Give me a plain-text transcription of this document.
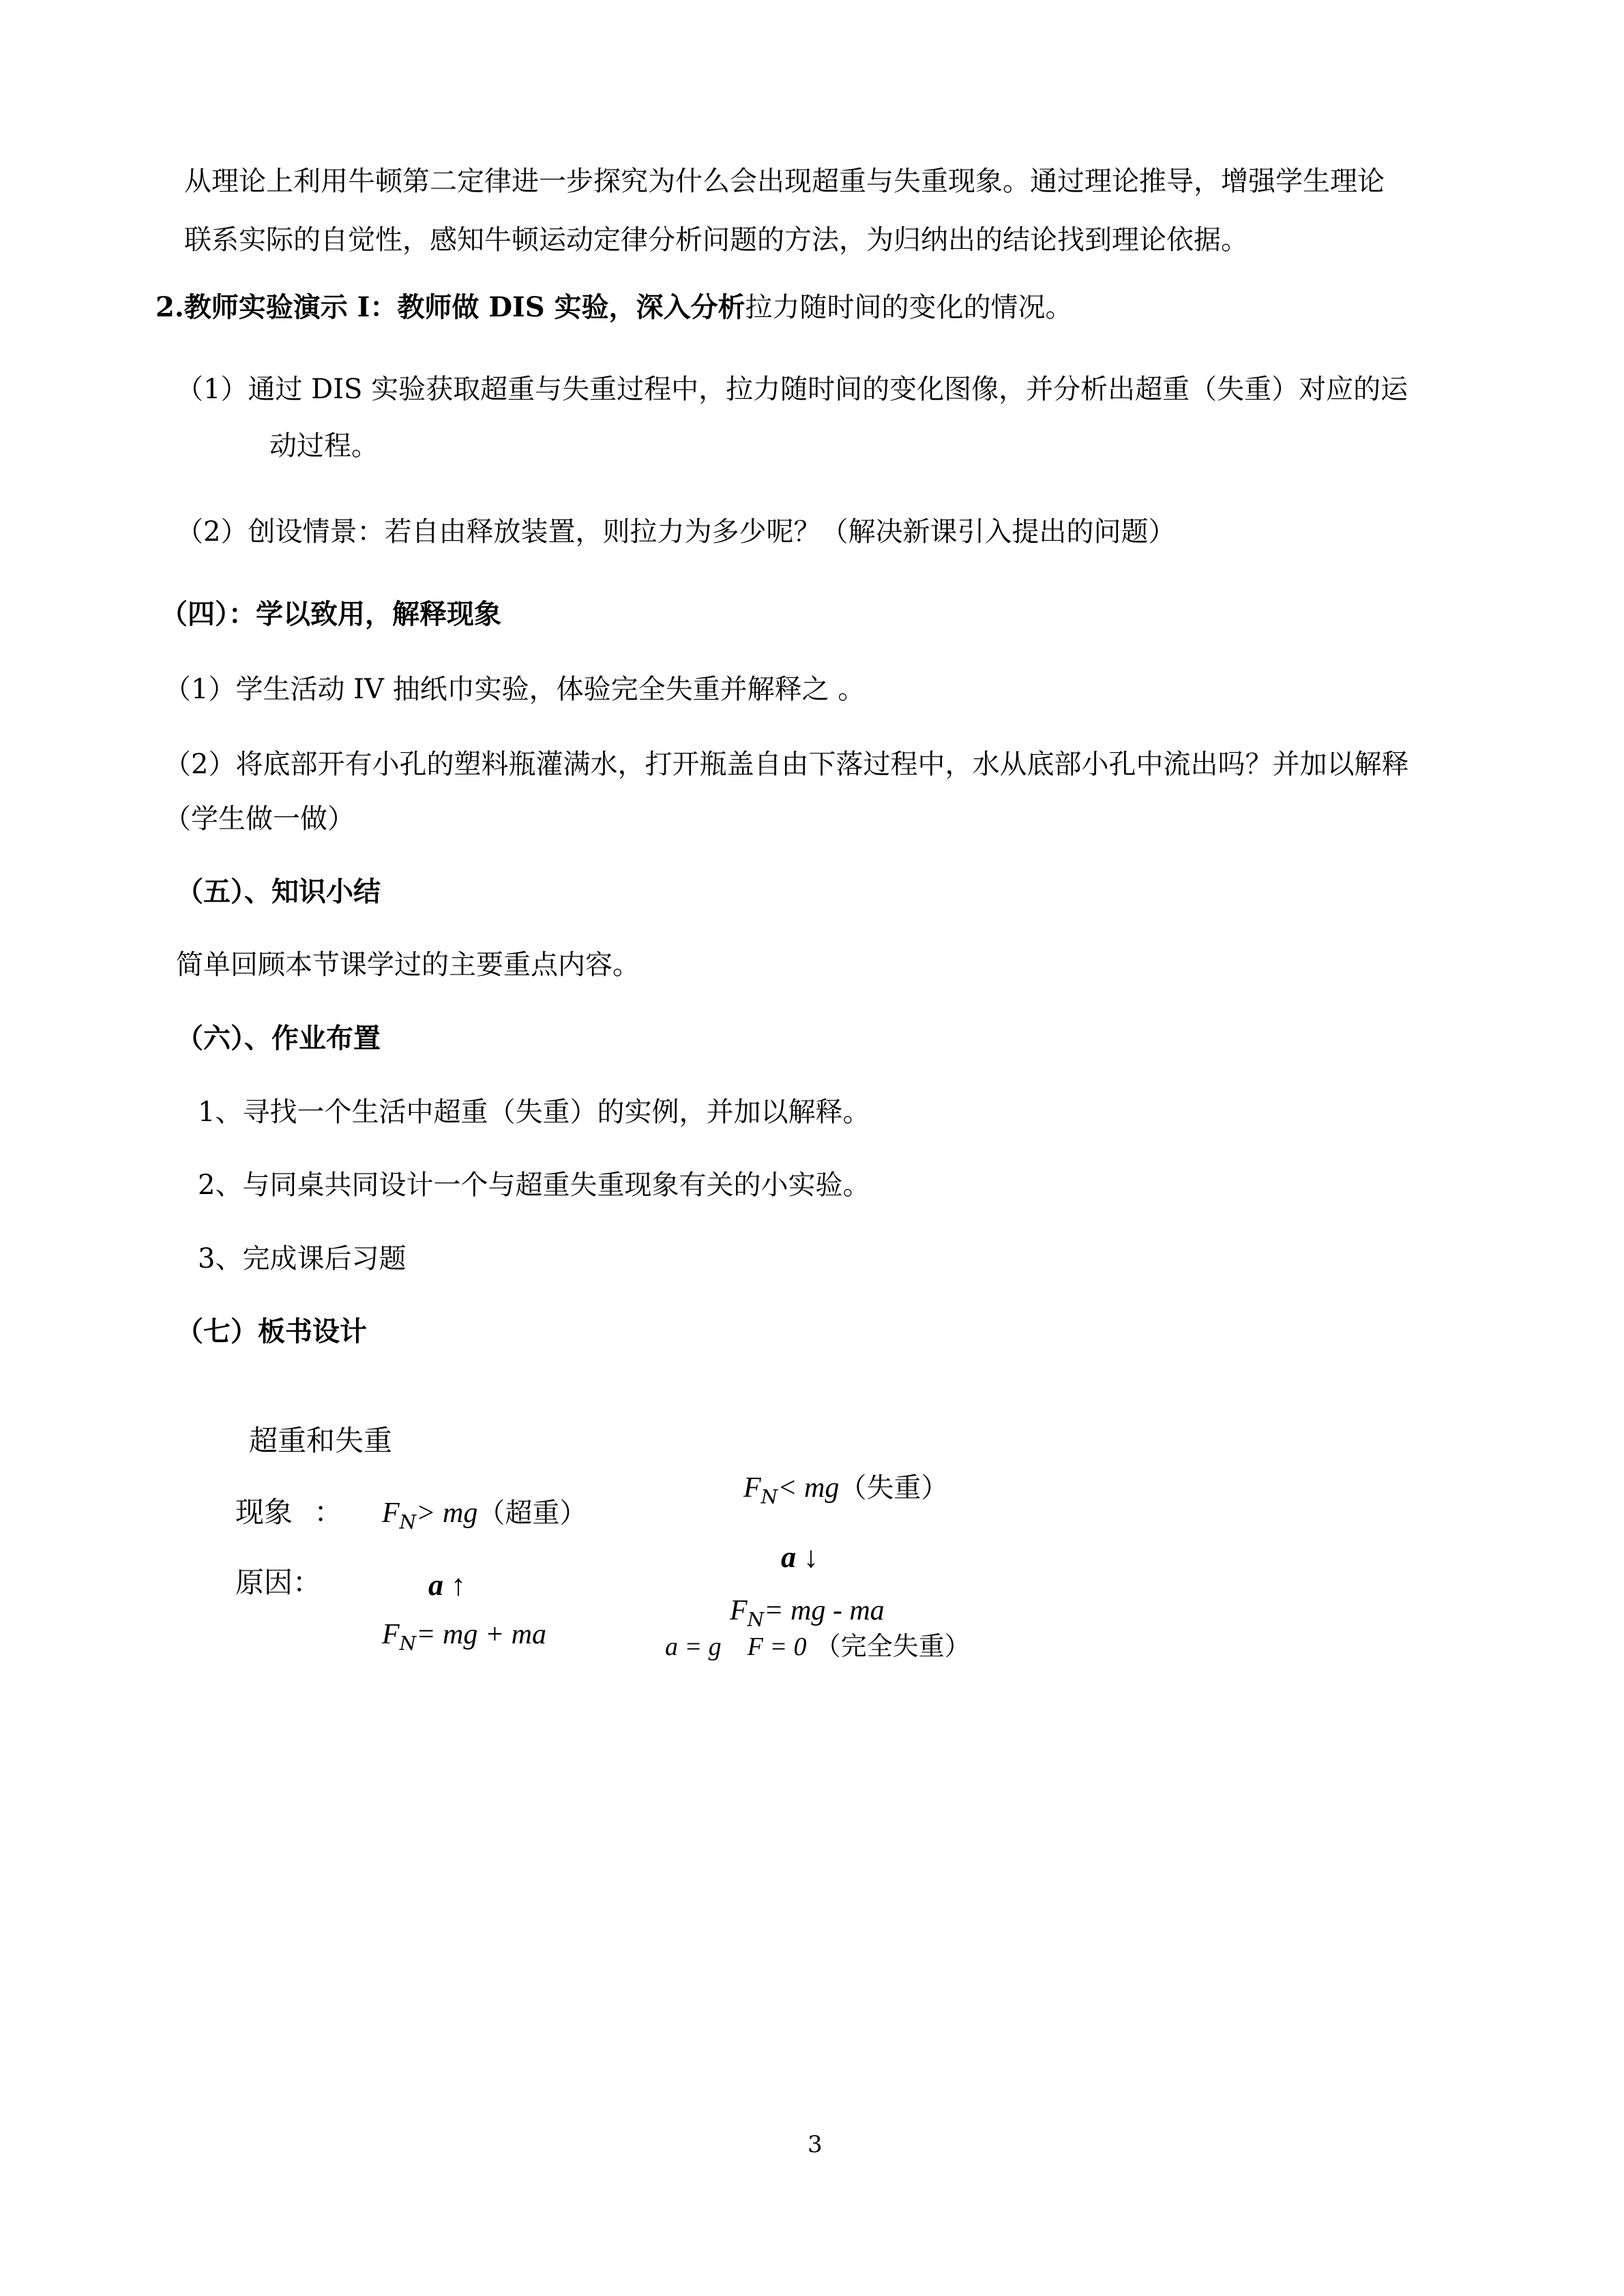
从理论上利用牛顿第二定律进一步探究为什么会出现超重与失重现象。通过理论推导，增强学生理论
联系实际的自觉性，感知牛顿运动定律分析问题的方法，为归纳出的结论找到理论依据。
2.教师实验演示 I：教师做 DIS 实验，深入分析拉力随时间的变化的情况。
（1）通过 DIS 实验获取超重与失重过程中，拉力随时间的变化图像，并分析出超重（失重）对应的运
动过程。
（2）创设情景：若自由释放装置，则拉力为多少呢？（解决新课引入提出的问题）
（四）：学以致用，解释现象
（1）学生活动 IV 抽纸巾实验，体验完全失重并解释之 。
（2）将底部开有小孔的塑料瓶灌满水，打开瓶盖自由下落过程中，水从底部小孔中流出吗？并加以解释
（学生做一做）
（五）、知识小结
简单回顾本节课学过的主要重点内容。
（六）、作业布置
1、寻找一个生活中超重（失重）的实例，并加以解释。
2、与同桌共同设计一个与超重失重现象有关的小实验。
3、完成课后习题
（七）板书设计
超重和失重
现象 ： $F_N> mg$（超重）
$F_N< mg$（失重）
a ↓
原因：	a ↑
$F_N=$ mg - ma
a = g    F = 0 （完全失重）
$F_N=$ mg + ma
3
